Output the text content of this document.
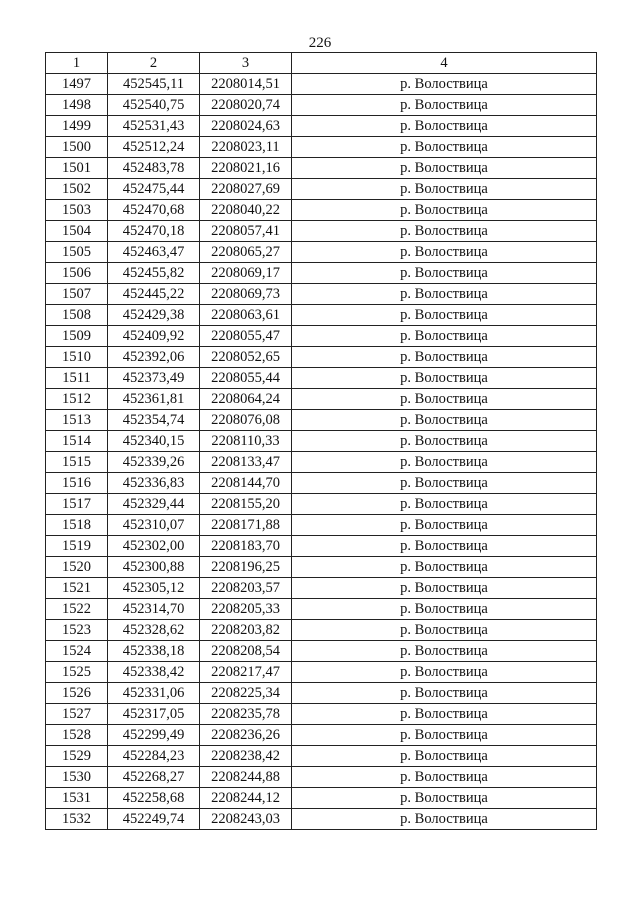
226
1	2	3	4
1497	452545,11	2208014,51	р. Волоствица
1498	452540,75	2208020,74	р. Волоствица
1499	452531,43	2208024,63	р. Волоствица
1500	452512,24	2208023,11	р. Волоствица
1501	452483,78	2208021,16	р. Волоствица
1502	452475,44	2208027,69	р. Волоствица
1503	452470,68	2208040,22	р. Волоствица
1504	452470,18	2208057,41	р. Волоствица
1505	452463,47	2208065,27	р. Волоствица
1506	452455,82	2208069,17	р. Волоствица
1507	452445,22	2208069,73	р. Волоствица
1508	452429,38	2208063,61	р. Волоствица
1509	452409,92	2208055,47	р. Волоствица
1510	452392,06	2208052,65	р. Волоствица
1511	452373,49	2208055,44	р. Волоствица
1512	452361,81	2208064,24	р. Волоствица
1513	452354,74	2208076,08	р. Волоствица
1514	452340,15	2208110,33	р. Волоствица
1515	452339,26	2208133,47	р. Волоствица
1516	452336,83	2208144,70	р. Волоствица
1517	452329,44	2208155,20	р. Волоствица
1518	452310,07	2208171,88	р. Волоствица
1519	452302,00	2208183,70	р. Волоствица
1520	452300,88	2208196,25	р. Волоствица
1521	452305,12	2208203,57	р. Волоствица
1522	452314,70	2208205,33	р. Волоствица
1523	452328,62	2208203,82	р. Волоствица
1524	452338,18	2208208,54	р. Волоствица
1525	452338,42	2208217,47	р. Волоствица
1526	452331,06	2208225,34	р. Волоствица
1527	452317,05	2208235,78	р. Волоствица
1528	452299,49	2208236,26	р. Волоствица
1529	452284,23	2208238,42	р. Волоствица
1530	452268,27	2208244,88	р. Волоствица
1531	452258,68	2208244,12	р. Волоствица
1532	452249,74	2208243,03	р. Волоствица
